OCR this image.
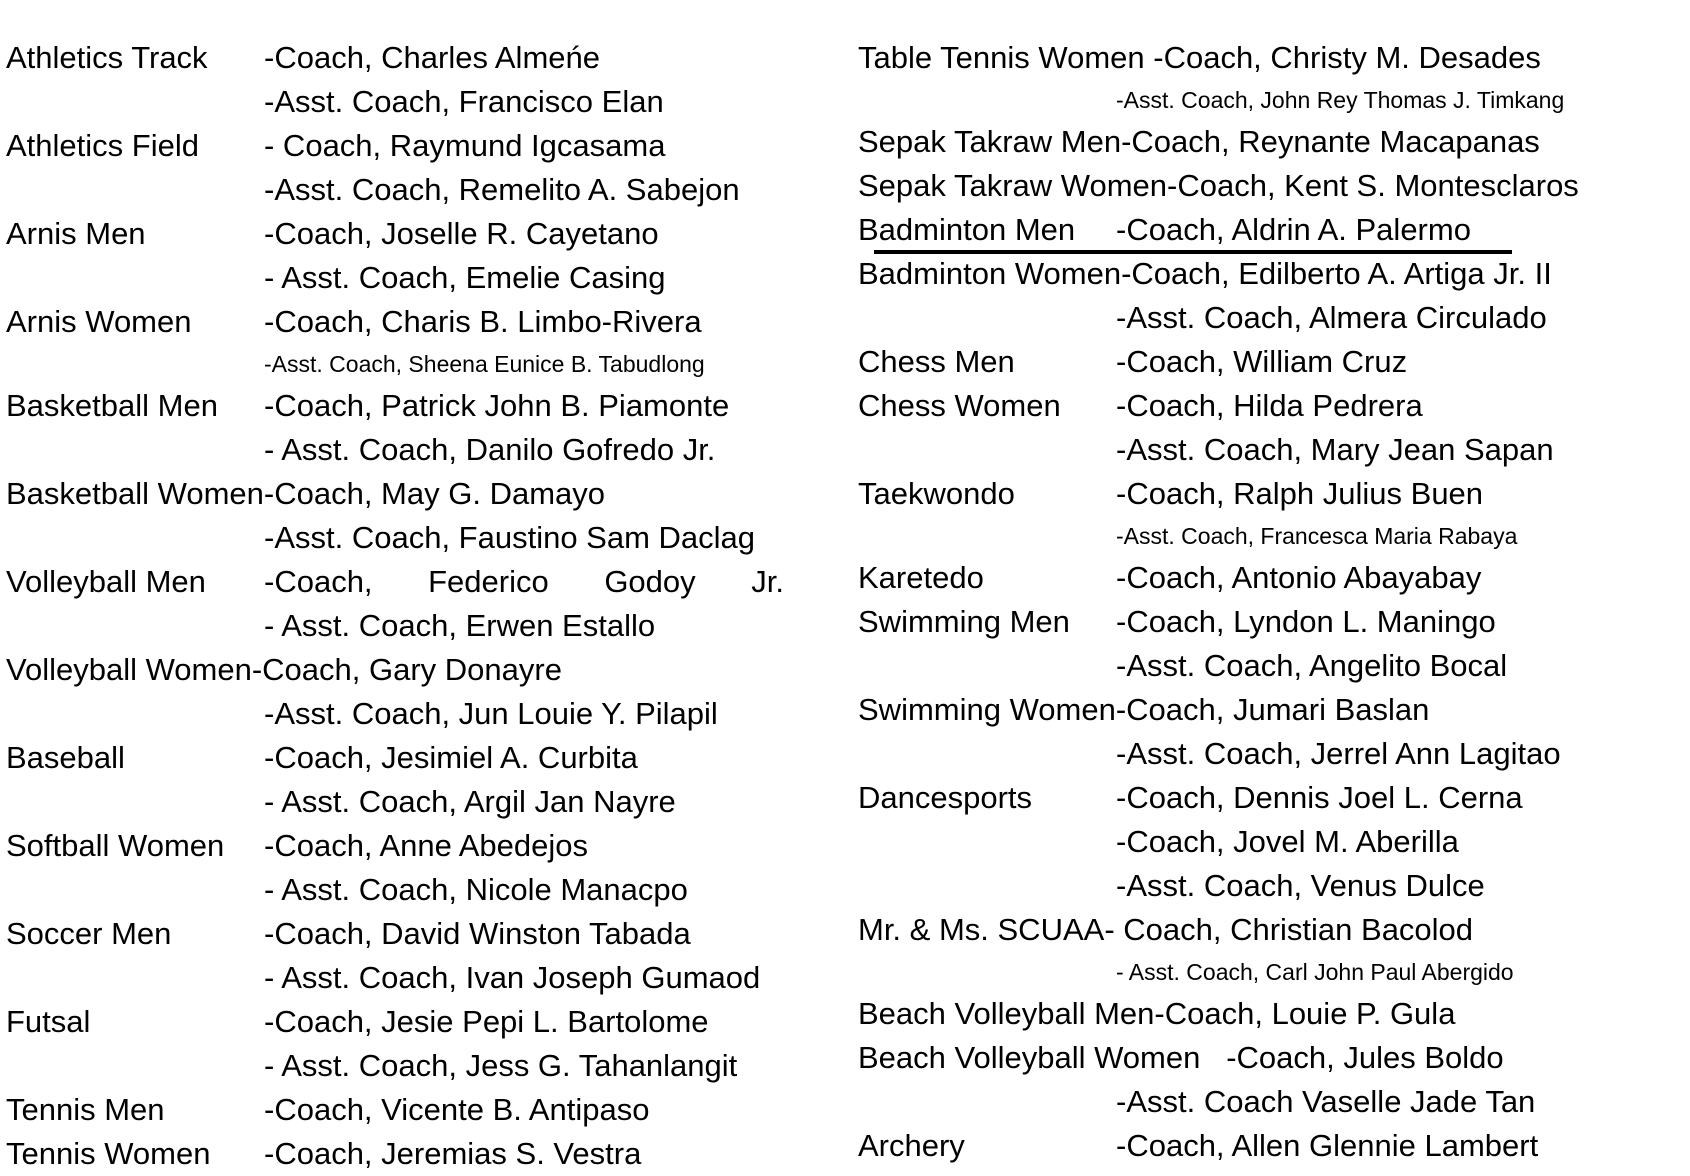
Athletics Track -Coach, Charles Almeńe
-Asst. Coach, Francisco Elan
Athletics Field - Coach, Raymund Igcasama
-Asst. Coach, Remelito A. Sabejon
Arnis Men	-Coach, Joselle R. Cayetano
- Asst. Coach, Emelie Casing
Arnis Women -Coach, Charis B. Limbo-Rivera
-Asst. Coach, Sheena Eunice B. Tabudlong
Basketball Men -Coach, Patrick John B. Piamonte
- Asst. Coach, Danilo Gofredo Jr.
Basketball Women-Coach, May G. Damayo
-Asst. Coach, Faustino Sam Daclag
Volleyball Men -Coach, Federico Godoy Jr.
- Asst. Coach, Erwen Estallo
Volleyball Women-Coach, Gary Donayre
-Asst. Coach, Jun Louie Y. Pilapil
Baseball	-Coach, Jesimiel A. Curbita
- Asst. Coach, Argil Jan Nayre
Softball Women -Coach, Anne Abedejos
- Asst. Coach, Nicole Manacpo
Soccer Men	-Coach, David Winston Tabada
- Asst. Coach, Ivan Joseph Gumaod
Futsal	-Coach, Jesie Pepi L. Bartolome
- Asst. Coach, Jess G. Tahanlangit
Tennis Men	-Coach, Vicente B. Antipaso
Tennis Women -Coach, Jeremias S. Vestra
Table Tennis Women -Coach, Christy M. Desades
-Asst. Coach, John Rey Thomas J. Timkang
Sepak Takraw Men-Coach, Reynante Macapanas
Sepak Takraw Women-Coach, Kent S. Montesclaros
Badminton Men -Coach, Aldrin A. Palermo
Badminton Women-Coach, Edilberto A. Artiga Jr. II
-Asst. Coach, Almera Circulado
Chess Men	-Coach, William Cruz
Chess Women -Coach, Hilda Pedrera
-Asst. Coach, Mary Jean Sapan
Taekwondo	-Coach, Ralph Julius Buen
-Asst. Coach, Francesca Maria Rabaya
Karetedo	-Coach, Antonio Abayabay
Swimming Men -Coach, Lyndon L. Maningo
-Asst. Coach, Angelito Bocal
Swimming Women-Coach, Jumari Baslan
-Asst. Coach, Jerrel Ann Lagitao
Dancesports	-Coach, Dennis Joel L. Cerna
-Coach, Jovel M. Aberilla
-Asst. Coach, Venus Dulce
Mr. & Ms. SCUAA- Coach, Christian Bacolod
- Asst. Coach, Carl John Paul Abergido
Beach Volleyball Men-Coach, Louie P. Gula
Beach Volleyball Women   -Coach, Jules Boldo
-Asst. Coach Vaselle Jade Tan
Archery	-Coach, Allen Glennie Lambert
